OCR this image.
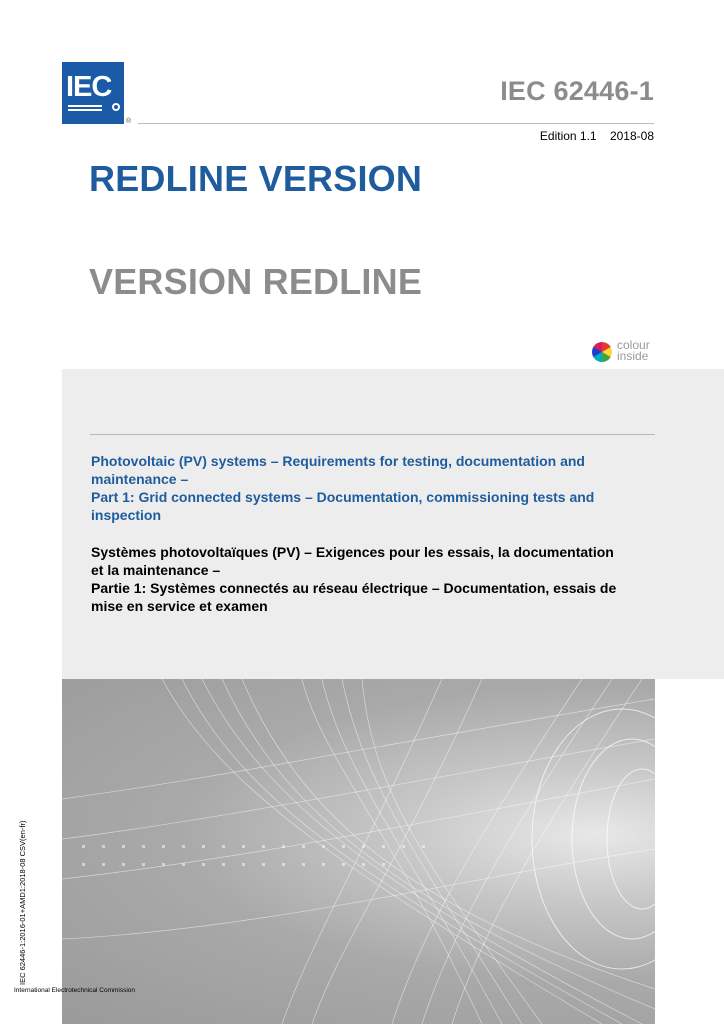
IEC
®
IEC 62446-1
Edition 1.1 2018-08
REDLINE VERSION
VERSION REDLINE
colour
inside
Photovoltaic (PV) systems – Requirements for testing, documentation and
maintenance –
Part 1: Grid connected systems – Documentation, commissioning tests and
inspection
Systèmes photovoltaïques (PV) – Exigences pour les essais, la documentation
et la maintenance –
Partie 1: Systèmes connectés au réseau électrique – Documentation, essais de
mise en service et examen
IEC 62446-1:2016-01+AMD1:2018-08 CSV(en-fr)
International Electrotechnical Commission
